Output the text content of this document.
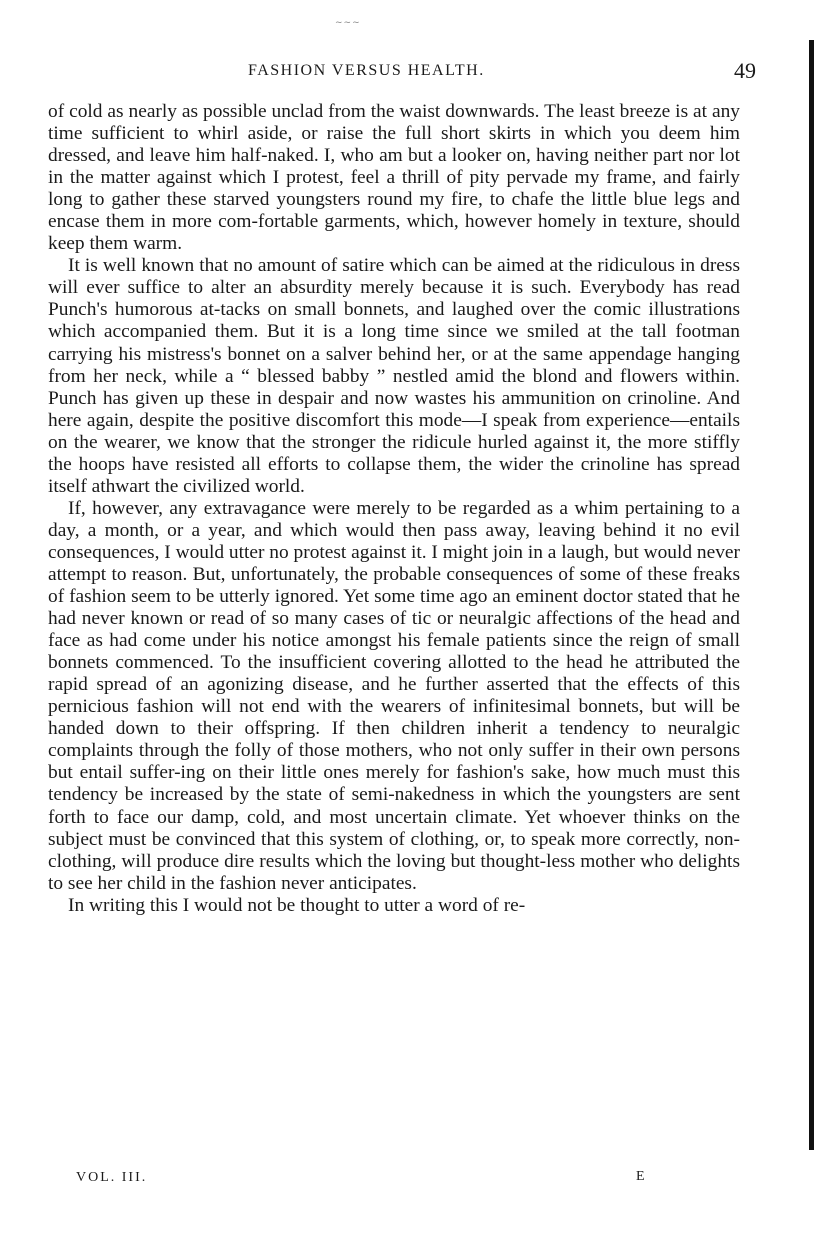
~~~
FASHION VERSUS HEALTH.	49

of cold as nearly as possible unclad from the waist downwards. The least breeze is at any time sufficient to whirl aside, or raise the full short skirts in which you deem him dressed, and leave him half-naked. I, who am but a looker on, having neither part nor lot in the matter against which I protest, feel a thrill of pity pervade my frame, and fairly long to gather these starved youngsters round my fire, to chafe the little blue legs and encase them in more com-fortable garments, which, however homely in texture, should keep them warm.

It is well known that no amount of satire which can be aimed at the ridiculous in dress will ever suffice to alter an absurdity merely because it is such. Everybody has read Punch's humorous at-tacks on small bonnets, and laughed over the comic illustrations which accompanied them. But it is a long time since we smiled at the tall footman carrying his mistress's bonnet on a salver behind her, or at the same appendage hanging from her neck, while a “ blessed babby ” nestled amid the blond and flowers within. Punch has given up these in despair and now wastes his ammunition on crinoline. And here again, despite the positive discomfort this mode—I speak from experience—entails on the wearer, we know that the stronger the ridicule hurled against it, the more stiffly the hoops have resisted all efforts to collapse them, the wider the crinoline has spread itself athwart the civilized world.

If, however, any extravagance were merely to be regarded as a whim pertaining to a day, a month, or a year, and which would then pass away, leaving behind it no evil consequences, I would utter no protest against it. I might join in a laugh, but would never attempt to reason. But, unfortunately, the probable consequences of some of these freaks of fashion seem to be utterly ignored. Yet some time ago an eminent doctor stated that he had never known or read of so many cases of tic or neuralgic affections of the head and face as had come under his notice amongst his female patients since the reign of small bonnets commenced. To the insufficient covering allotted to the head he attributed the rapid spread of an agonizing disease, and he further asserted that the effects of this pernicious fashion will not end with the wearers of infinitesimal bonnets, but will be handed down to their offspring. If then children inherit a tendency to neuralgic complaints through the folly of those mothers, who not only suffer in their own persons but entail suffer-ing on their little ones merely for fashion's sake, how much must this tendency be increased by the state of semi-nakedness in which the youngsters are sent forth to face our damp, cold, and most uncertain climate. Yet whoever thinks on the subject must be convinced that this system of clothing, or, to speak more correctly, non-clothing, will produce dire results which the loving but thought-less mother who delights to see her child in the fashion never anticipates.

In writing this I would not be thought to utter a word of re-

VOL. III.	E
